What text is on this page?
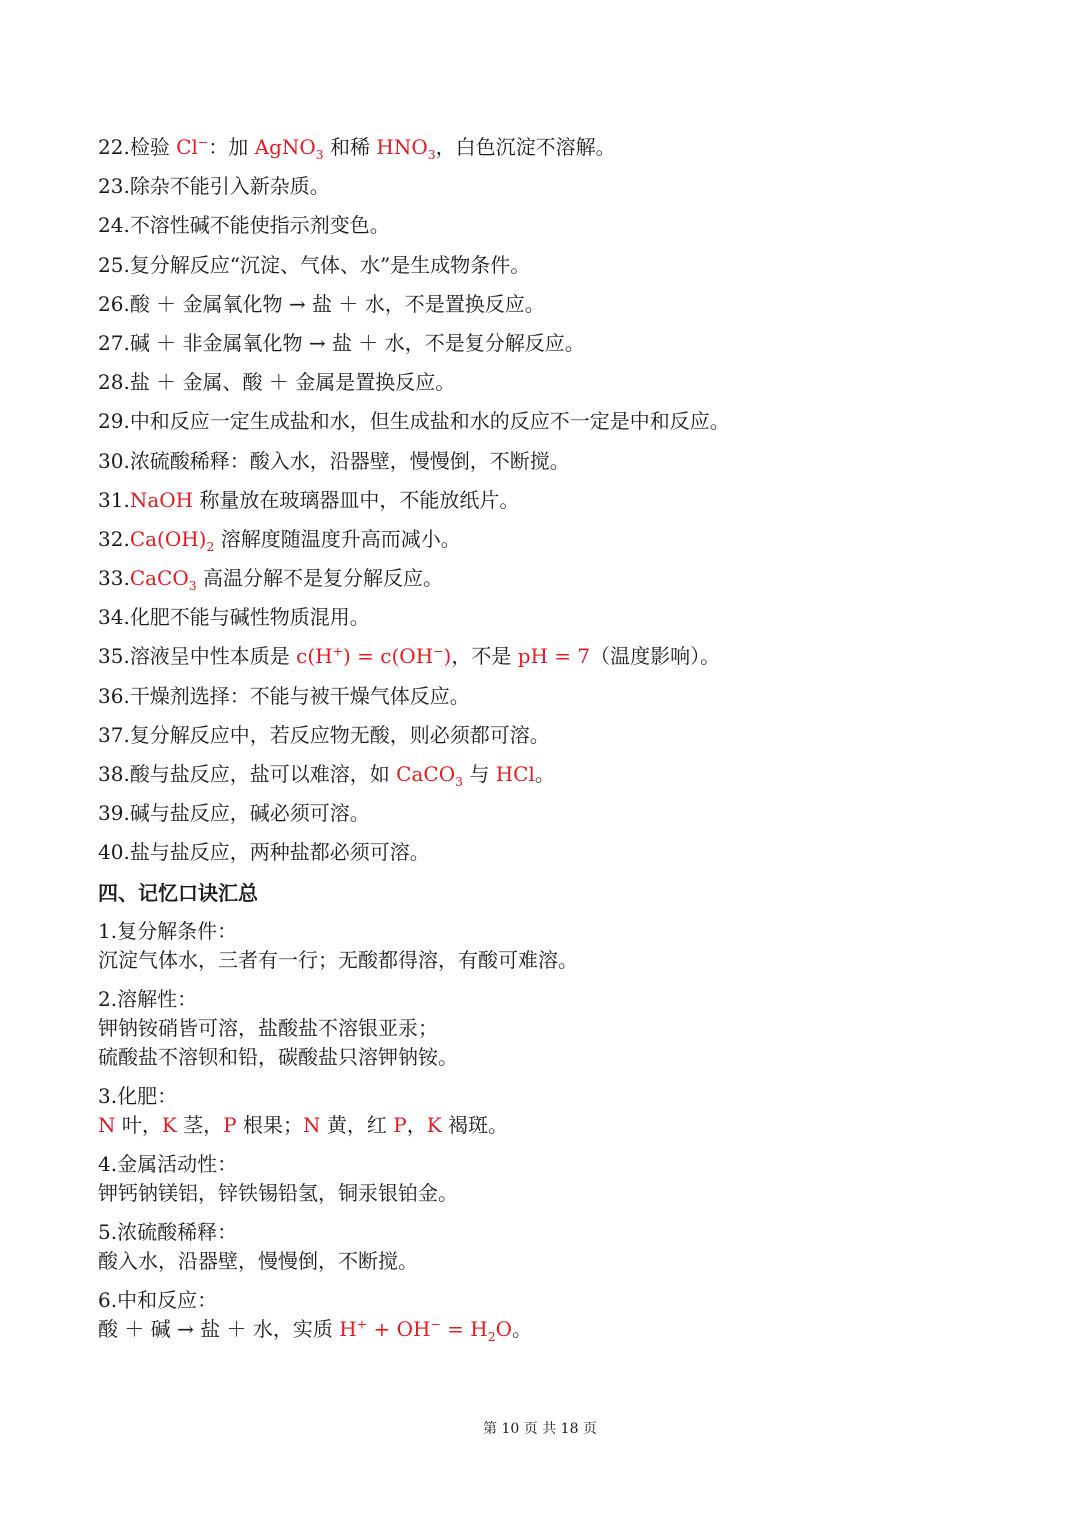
22.检验 Cl−：加 AgNO$_3$ 和稀 $HNO_3$，白色沉淀不溶解。
23.除杂不能引入新杂质。
24.不溶性碱不能使指示剂变色。
25.复分解反应“沉淀、气体、水”是生成物条件。
26.酸 ＋ 金属氧化物 → 盐 ＋ 水，不是置换反应。
27.碱 ＋ 非金属氧化物 → 盐 ＋ 水，不是复分解反应。
28.盐 ＋ 金属、酸 ＋ 金属是置换反应。
29.中和反应一定生成盐和水，但生成盐和水的反应不一定是中和反应。
30.浓硫酸稀释：酸入水，沿器壁，慢慢倒，不断搅。
31.NaOH 称量放在玻璃器皿中，不能放纸片。
$32.Ca(OH)_2$ 溶解度随温度升高而减小。
33.CaCO$_3$ 高温分解不是复分解反应。
34.化肥不能与碱性物质混用。
35.溶液呈中性本质是 c(H+) = c(OH−)，不是 pH = 7（温度影响）。
36.干燥剂选择：不能与被干燥气体反应。
37.复分解反应中，若反应物无酸，则必须都可溶。
38.酸与盐反应，盐可以难溶，如 CaCO$_3$ 与 HCl。
39.碱与盐反应，碱必须可溶。
40.盐与盐反应，两种盐都必须可溶。
四、记忆口诀汇总
1.复分解条件：
沉淀气体水，三者有一行；无酸都得溶，有酸可难溶。
2.溶解性：
钾钠铵硝皆可溶，盐酸盐不溶银亚汞；
硫酸盐不溶钡和铅，碳酸盐只溶钾钠铵。
3.化肥：
N 叶，K 茎，P 根果；N 黄，红 P，K 褐斑。
4.金属活动性：
钾钙钠镁铝，锌铁锡铅氢，铜汞银铂金。
5.浓硫酸稀释：
酸入水，沿器壁，慢慢倒，不断搅。
6.中和反应：
酸 ＋ 碱 → 盐 ＋ 水，实质 $H^+ + OH^- = H_2O$。
第 10 页 共 18 页
